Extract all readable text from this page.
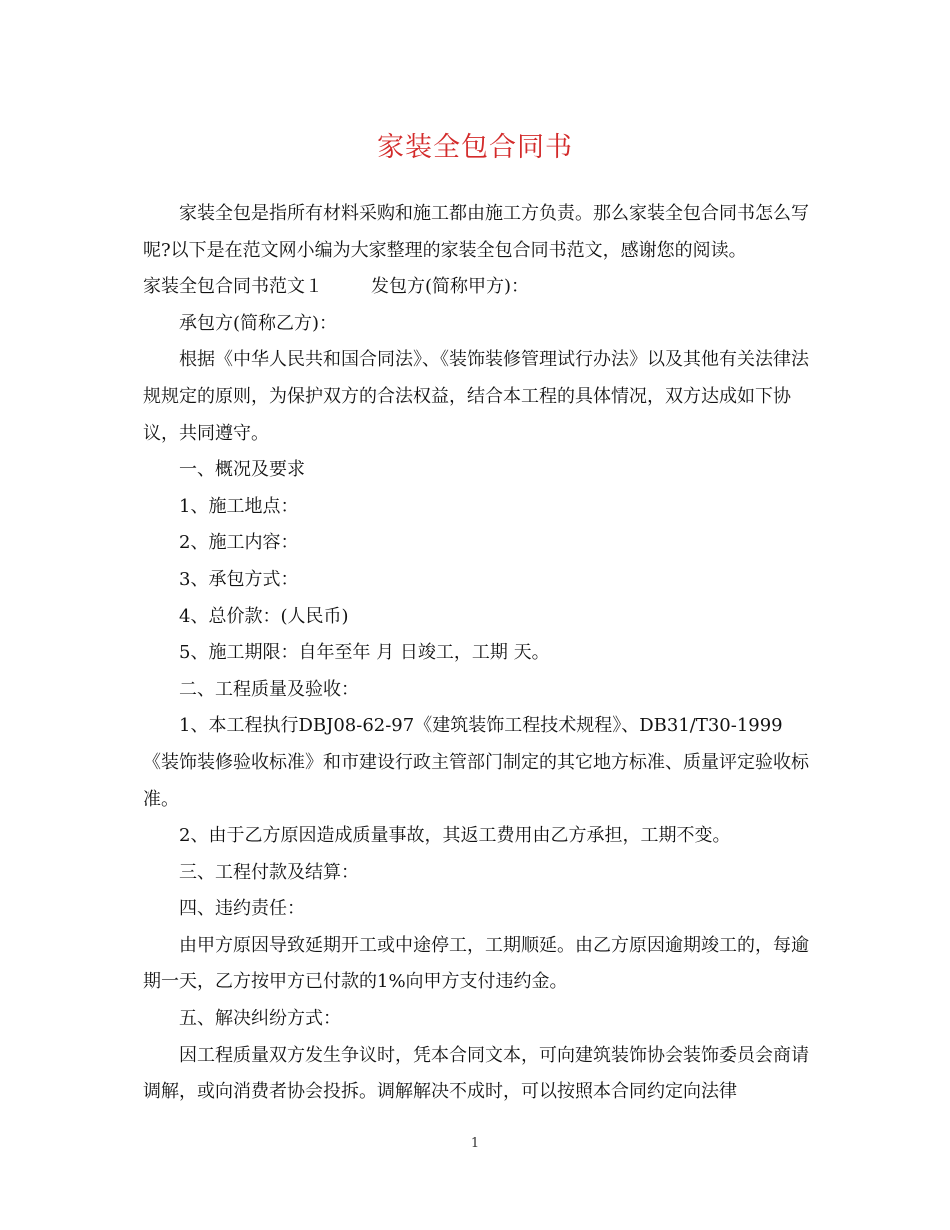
家装全包合同书

家装全包是指所有材料采购和施工都由施工方负责。那么家装全包合同书怎么写呢?以下是在范文网小编为大家整理的家装全包合同书范文，感谢您的阅读。

家装全包合同书范文１	发包方(简称甲方)：

承包方(简称乙方)：

根据《中华人民共和国合同法》、《装饰装修管理试行办法》以及其他有关法律法规规定的原则，为保护双方的合法权益，结合本工程的具体情况，双方达成如下协议，共同遵守。

一、概况及要求

1、施工地点：

2、施工内容：

3、承包方式：

4、总价款：(人民币)

5、施工期限：自年至年 月 日竣工，工期 天。

二、工程质量及验收：

1、本工程执行DBJ08-62-97《建筑装饰工程技术规程》、DB31/T30-1999《装饰装修验收标准》和市建设行政主管部门制定的其它地方标准、质量评定验收标准。

2、由于乙方原因造成质量事故，其返工费用由乙方承担，工期不变。

三、工程付款及结算：

四、违约责任：

由甲方原因导致延期开工或中途停工，工期顺延。由乙方原因逾期竣工的，每逾期一天，乙方按甲方已付款的1%向甲方支付违约金。

五、解决纠纷方式：

因工程质量双方发生争议时，凭本合同文本，可向建筑装饰协会装饰委员会商请调解，或向消费者协会投拆。调解解决不成时，可以按照本合同约定向法律

1
